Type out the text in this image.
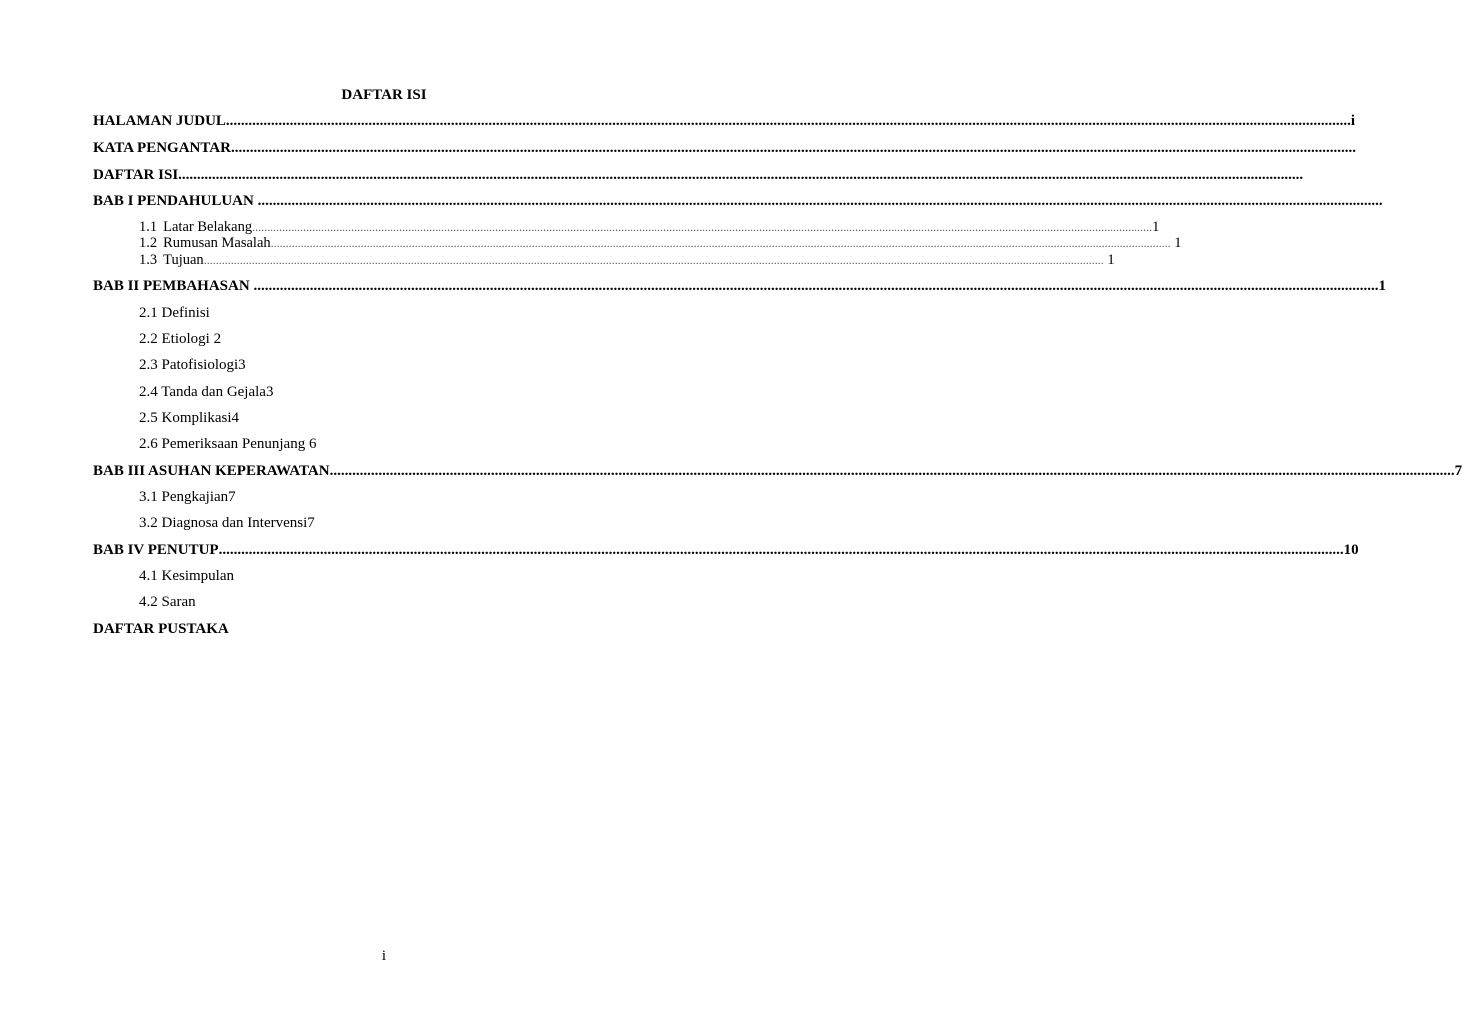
DAFTAR ISI
HALAMAN JUDUL ............................................................................................................................................................................................................................................................................................................ i
KATA PENGANTAR ............................................................................................................................................................................................................................................................................................................
DAFTAR ISI ............................................................................................................................................................................................................................................................................................................
BAB I PENDAHULUAN ............................................................................................................................................................................................................................................................................................................
1.1 Latar Belakang ............................................................................................................................................................................................................................................................................................................ 1
1.2 Rumusan Masalah ............................................................................................................................................................................................................................................................................................................ 1
1.3 Tujuan ............................................................................................................................................................................................................................................................................................................ 1
BAB II PEMBAHASAN ............................................................................................................................................................................................................................................................................................................ 1
2.1 Definisi
2.2 Etiologi 2
2.3 Patofisiologi3
2.4 Tanda dan Gejala3
2.5 Komplikasi4
2.6 Pemeriksaan Penunjang 6
BAB III ASUHAN KEPERAWATAN ............................................................................................................................................................................................................................................................................................................ 7
3.1 Pengkajian7
3.2 Diagnosa dan Intervensi7
BAB IV PENUTUP ............................................................................................................................................................................................................................................................................................................ 10
4.1 Kesimpulan
4.2 Saran
DAFTAR PUSTAKA
i
